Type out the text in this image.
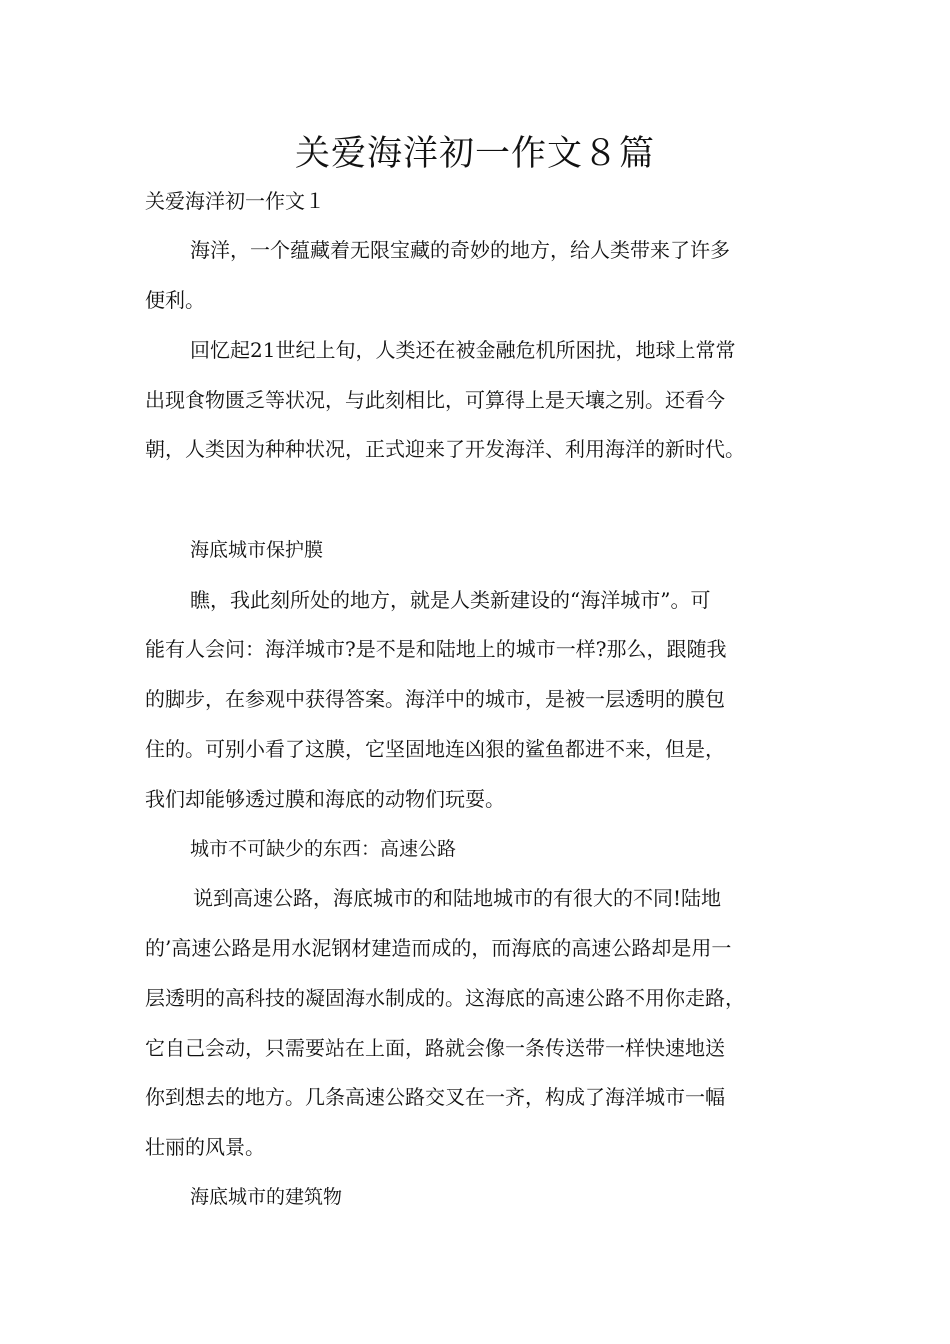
关爱海洋初一作文８篇

关爱海洋初一作文１

海洋，一个蕴藏着无限宝藏的奇妙的地方，给人类带来了许多

便利。

回忆起21世纪上旬，人类还在被金融危机所困扰，地球上常常

出现食物匮乏等状况，与此刻相比，可算得上是天壤之别。还看今

朝，人类因为种种状况，正式迎来了开发海洋、利用海洋的新时代。

海底城市保护膜

瞧，我此刻所处的地方，就是人类新建设的“海洋城市”。可

能有人会问：海洋城市?是不是和陆地上的城市一样?那么，跟随我

的脚步，在参观中获得答案。海洋中的城市，是被一层透明的膜包

住的。可别小看了这膜，它坚固地连凶狠的鲨鱼都进不来，但是，

我们却能够透过膜和海底的动物们玩耍。

城市不可缺少的东西：高速公路

说到高速公路，海底城市的和陆地城市的有很大的不同!陆地

的’高速公路是用水泥钢材建造而成的，而海底的高速公路却是用一

层透明的高科技的凝固海水制成的。这海底的高速公路不用你走路，

它自己会动，只需要站在上面，路就会像一条传送带一样快速地送

你到想去的地方。几条高速公路交叉在一齐，构成了海洋城市一幅

壮丽的风景。

海底城市的建筑物
